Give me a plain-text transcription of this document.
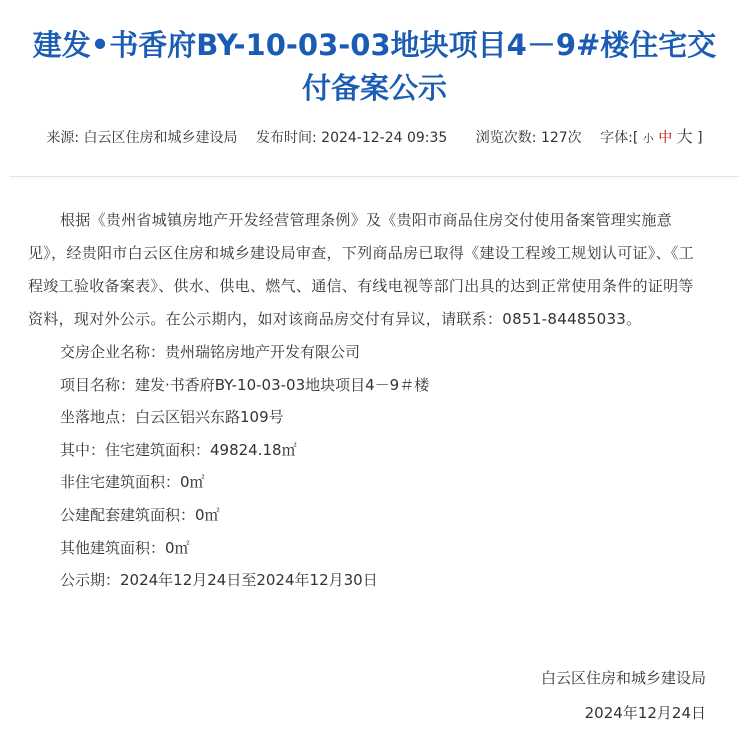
建发•书香府BY-10-03-03地块项目4－9#楼住宅交
付备案公示
来源: 白云区住房和城乡建设局 发布时间: 2024-12-24 09:35 浏览次数: 127次 字体:[ 小 中 大 ]

根据《贵州省城镇房地产开发经营管理条例》及《贵阳市商品住房交付使用备案管理实施意见》，经贵阳市白云区住房和城乡建设局审查，下列商品房已取得《建设工程竣工规划认可证》、《工程竣工验收备案表》、供水、供电、燃气、通信、有线电视等部门出具的达到正常使用条件的证明等资料，现对外公示。在公示期内，如对该商品房交付有异议，请联系：0851-84485033。

交房企业名称：贵州瑞铭房地产开发有限公司

项目名称：建发·书香府BY-10-03-03地块项目4－9＃楼

坐落地点：白云区铝兴东路109号

其中：住宅建筑面积：49824.18㎡

非住宅建筑面积：0㎡

公建配套建筑面积：0㎡

其他建筑面积：0㎡

公示期：2024年12月24日至2024年12月30日

白云区住房和城乡建设局
2024年12月24日
